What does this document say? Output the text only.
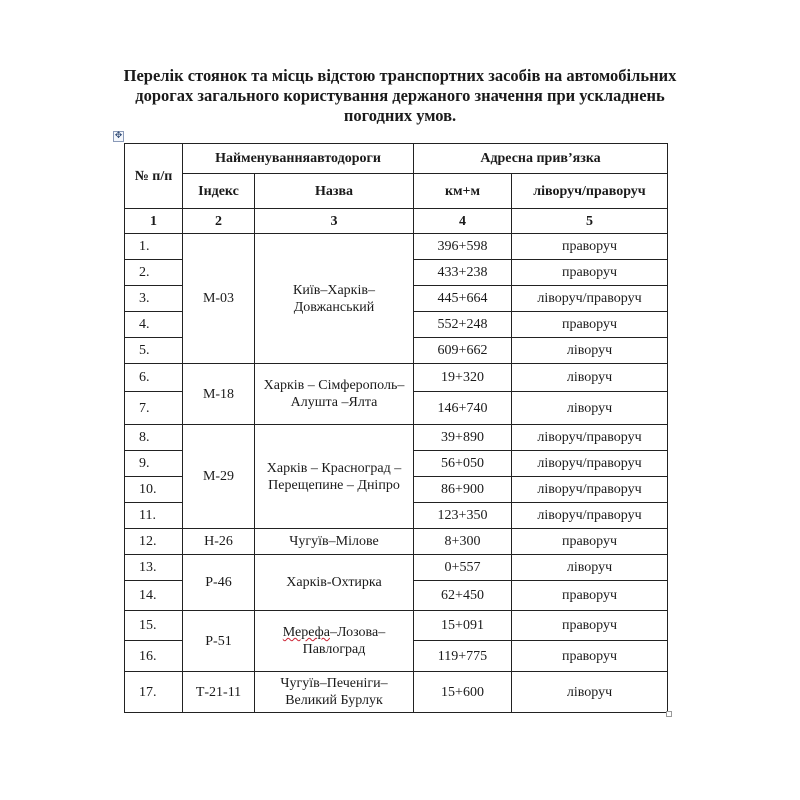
Перелік стоянок та місць відстою транспортних засобів на автомобільних
дорогах загального користування держаного значення при ускладнень
погодних умов.
✥
№ п/п	Найменуванняавтодороги		Адресна прив’язка	
	Індекс	Назва	км+м	ліворуч/праворуч
1	2	3	4	5
1.	М-03	Київ–Харків–Довжанський	396+598	праворуч
2.			433+238	праворуч
3.			445+664	ліворуч/праворуч
4.			552+248	праворуч
5.			609+662	ліворуч
6.	М-18	Харків – Сімферополь– Алушта –Ялта	19+320	ліворуч
7.			146+740	ліворуч
8.	М-29	Харків – Красноград – Перещепине – Дніпро	39+890	ліворуч/праворуч
9.			56+050	ліворуч/праворуч
10.			86+900	ліворуч/праворуч
11.			123+350	ліворуч/праворуч
12.	Н-26	Чугуїв–Мілове	8+300	праворуч
13.	Р-46	Харків-Охтирка	0+557	ліворуч
14.			62+450	праворуч
15.	Р-51	Мерефа–Лозова–Павлоград	15+091	праворуч
16.			119+775	праворуч
17.	Т-21-11	Чугуїв–Печеніги–Великий Бурлук	15+600	ліворуч
